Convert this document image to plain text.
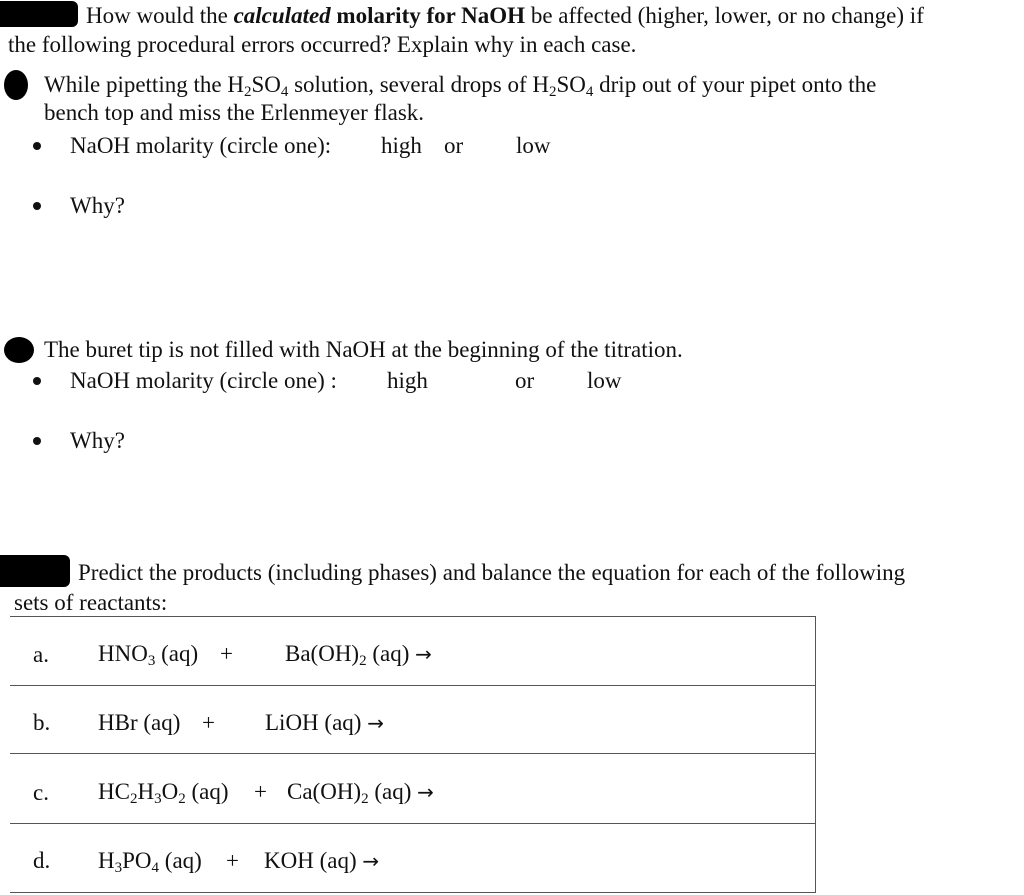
How would the calculated molarity for NaOH be affected (higher, lower, or no change) if
the following procedural errors occurred? Explain why in each case.
While pipetting the $H_2SO_4$ solution, several drops of $H_2SO_4$ drip out of your pipet onto the
bench top and miss the Erlenmeyer flask.
NaOH molarity (circle one): high or low
Why?
The buret tip is not filled with NaOH at the beginning of the titration.
NaOH molarity (circle one) : high	or low
Why?
Predict the products (including phases) and balance the equation for each of the following
sets of reactants:
a. $HNO_3$ $(aq) + Ba(OH)_2$ (aq) →
b. HBr (aq) + LiOH (aq) →
c. $HC_2H_3O_2$ $(aq) + Ca(OH)_2$ (aq) →
d. $H_3PO_4$ (aq) + KOH (aq) →
